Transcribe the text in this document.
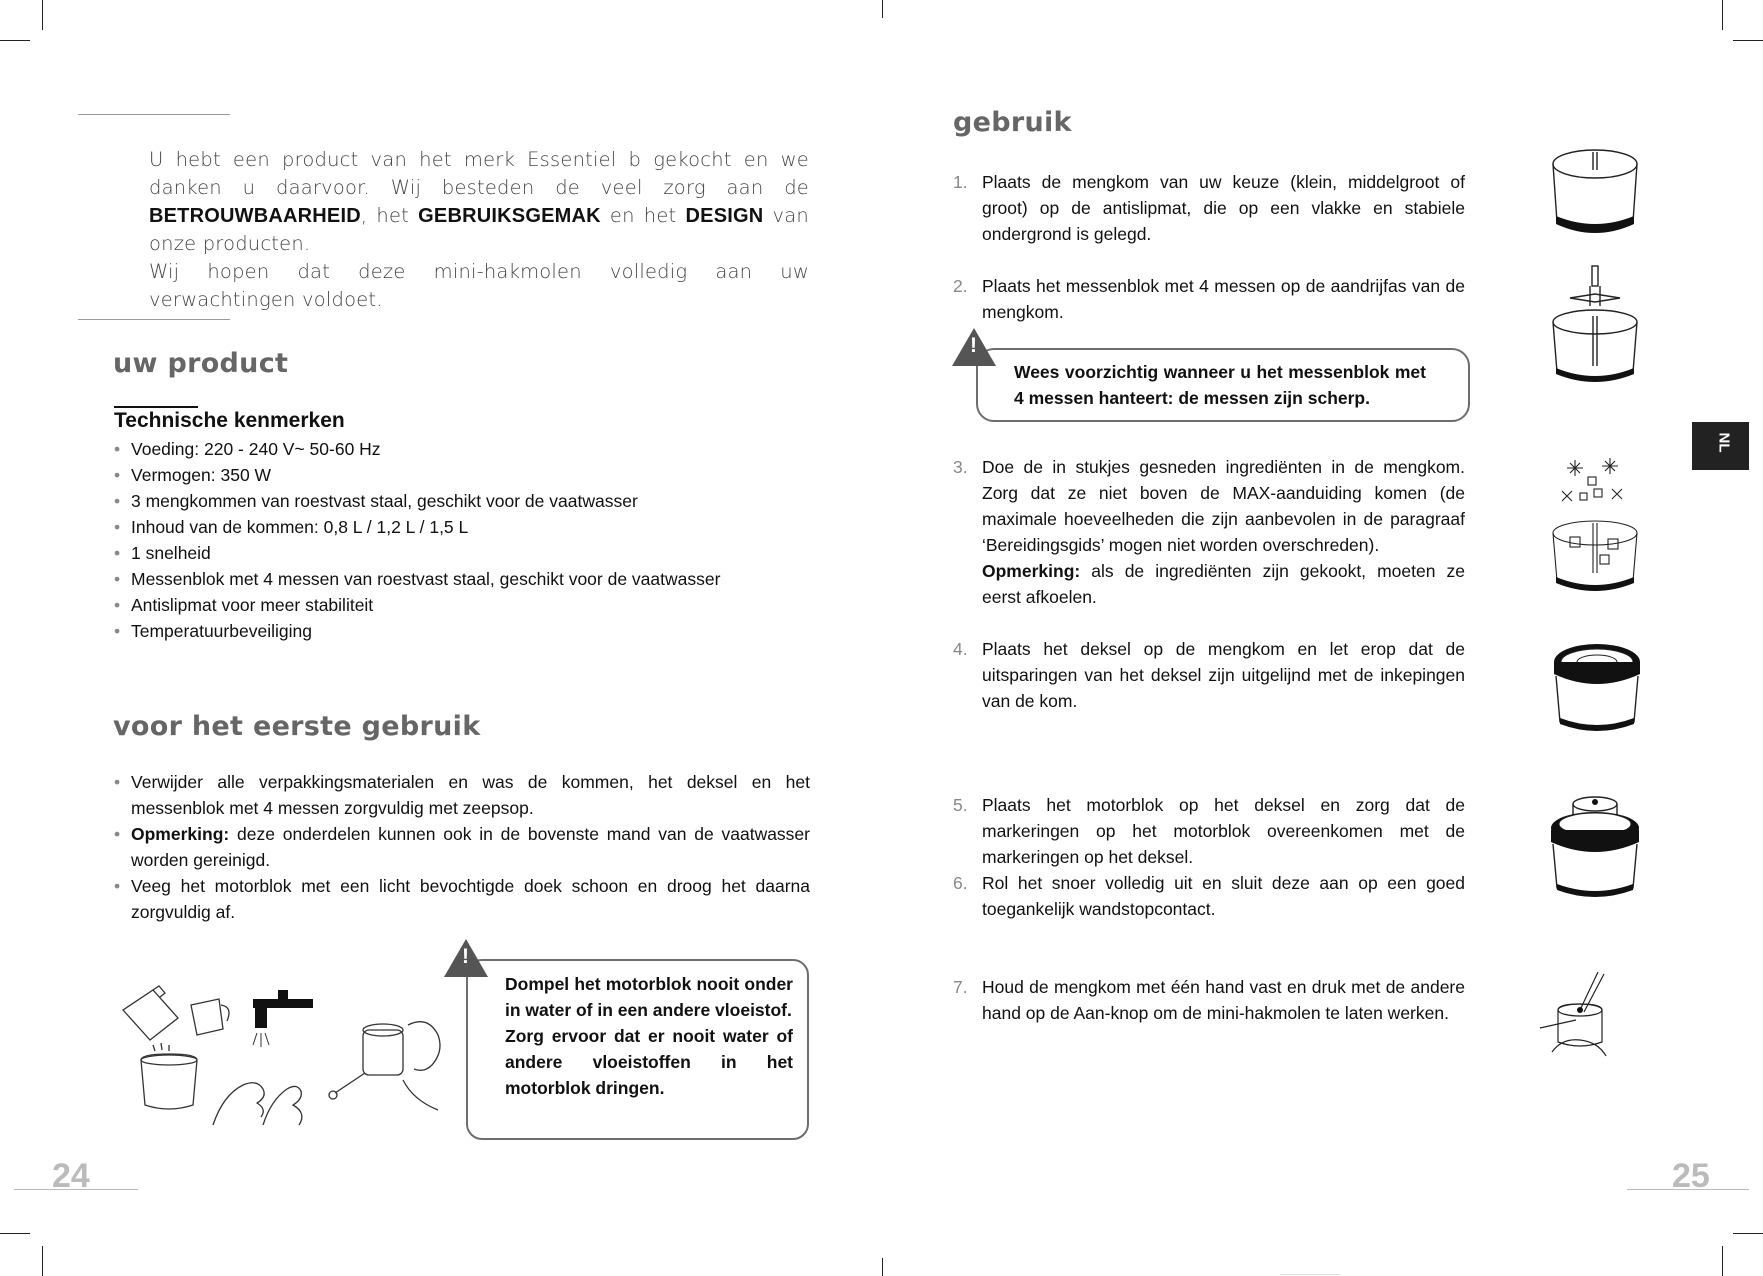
U hebt een product van het merk Essentiel b gekocht en we danken u daarvoor. Wij besteden de veel zorg aan de BETROUWBAARHEID, het GEBRUIKSGEMAK en het DESIGN van onze producten.
Wij hopen dat deze mini-hakmolen volledig aan uw verwachtingen voldoet.
uw product
Technische kenmerken
• Voeding: 220 - 240 V~ 50-60 Hz
• Vermogen: 350 W
• 3 mengkommen van roestvast staal, geschikt voor de vaatwasser
• Inhoud van de kommen: 0,8 L / 1,2 L / 1,5 L
• 1 snelheid
• Messenblok met 4 messen van roestvast staal, geschikt voor de vaatwasser
• Antislipmat voor meer stabiliteit
• Temperatuurbeveiliging
voor het eerste gebruik
• Verwijder alle verpakkingsmaterialen en was de kommen, het deksel en het messenblok met 4 messen zorgvuldig met zeepsop.
• Opmerking: deze onderdelen kunnen ook in de bovenste mand van de vaatwasser worden gereinigd.
• Veeg het motorblok met een licht bevochtigde doek schoon en droog het daarna zorgvuldig af.
Dompel het motorblok nooit onder in water of in een andere vloeistof.
Zorg ervoor dat er nooit water of andere vloeistoffen in het motorblok dringen.
!
24
gebruik
1. Plaats de mengkom van uw keuze (klein, middelgroot of groot) op de antislipmat, die op een vlakke en stabiele ondergrond is gelegd.
2. Plaats het messenblok met 4 messen op de aandrijfas van de mengkom.
3. Doe de in stukjes gesneden ingrediënten in de mengkom. Zorg dat ze niet boven de MAX-aanduiding komen (de maximale hoeveelheden die zijn aanbevolen in de paragraaf ‘Bereidingsgids’ mogen niet worden overschreden).
Opmerking: als de ingrediënten zijn gekookt, moeten ze eerst afkoelen.
4. Plaats het deksel op de mengkom en let erop dat de uitsparingen van het deksel zijn uitgelijnd met de inkepingen van de kom.
5. Plaats het motorblok op het deksel en zorg dat de markeringen op het motorblok overeenkomen met de markeringen op het deksel.
6. Rol het snoer volledig uit en sluit deze aan op een goed toegankelijk wandstopcontact.
7. Houd de mengkom met één hand vast en druk met de andere hand op de Aan-knop om de mini-hakmolen te laten werken.
Wees voorzichtig wanneer u het messenblok met 4 messen hanteert: de messen zijn scherp.
!
NL
25
